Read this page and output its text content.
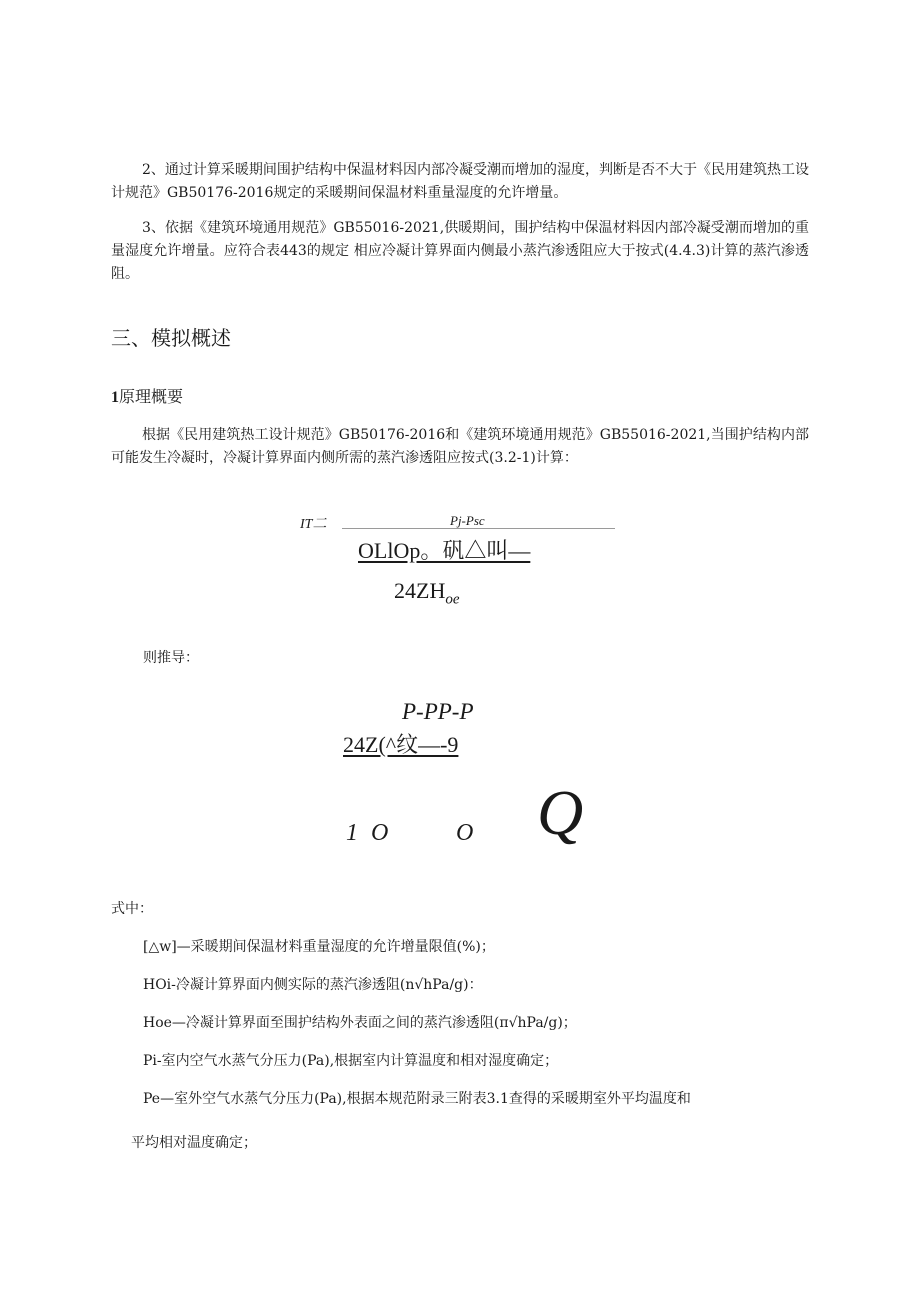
2、通过计算采暖期间围护结构中保温材料因内部冷凝受潮而增加的湿度，判断是否不大于《民用建筑热工设计规范》GB50176-2016规定的采暖期间保温材料重量湿度的允许增量。

3、依据《建筑环境通用规范》GB55016-2021,供暖期间，围护结构中保温材料因内部冷凝受潮而增加的重量湿度允许增量。应符合表443的规定 相应冷凝计算界面内侧最小蒸汽渗透阻应大于按式(4.4.3)计算的蒸汽渗透阻。

三、模拟概述
1原理概要

根据《民用建筑热工设计规范》GB50176-2016和《建筑环境通用规范》GB55016-2021,当围护结构内部可能发生冷凝时，冷凝计算界面内侧所需的蒸汽渗透阻应按式(3.2-1)计算：

IT二	Pj-Psc
OLlOp。矾△叫—
$24ZH_{oe}$

则推导：

P-PP-P
24Z(^纹—-9
1 O	O Q

式中：

[△w]—采暖期间保温材料重量湿度的允许增量限值(%)；

HOi-冷凝计算界面内侧实际的蒸汽渗透阻(n√hPa/g)：

Hoe—冷凝计算界面至围护结构外表面之间的蒸汽渗透阻(π√hPa/g)；

Pi-室内空气水蒸气分压力(Pa),根据室内计算温度和相对湿度确定；

Pe—室外空气水蒸气分压力(Pa),根据本规范附录三附表3.1查得的采暖期室外平均温度和

平均相对温度确定；
